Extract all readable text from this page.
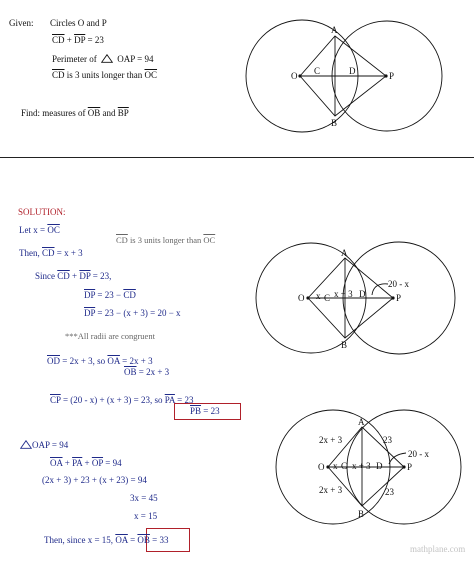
Given: Circles O and P
$\overline{CD} + \overline{DP} = 23$
Perimeter of OAP = 94
$\overline{CD}$ is 3 units longer than $\overline{OC}$
Find: measures of $\overline{OB}$ and $\overline{BP}$
SOLUTION:
Let $x = \overline{OC}$
$\overline{CD}$ is 3 units longer than $\overline{OC}$
Then, $\overline{CD} = x + 3$
Since $\overline{CD} + \overline{DP} = 23$,
$\overline{DP} = 23 - \overline{CD}$
$\overline{DP} = 23 - (x + 3) = 20 - x$
***All radii are congruent
$\overline{OD} = 2x + 3$, so $\overline{OA} = 2x + 3$
$\overline{OB} = 2x + 3$
$\overline{CP} = (20 - x) + (x + 3) = 23$, so $\overline{PA} = 23$
$\overline{PB} = 23$
OAP = 94
$\overline{OA} + \overline{PA} + \overline{OP} = 94$
(2x + 3) + 23 + (x + 23) = 94
3x = 45
x = 15
Then, since x = 15, $\overline{OA} = \overline{OB} = 33$
A
B
O	P
C	D
A
B
O	P
C	D
x x + 3
20 - x
A
B
O	P
C	D
2x + 3	23
2x + 3	23
x x + 3
20 - x
mathplane.com
